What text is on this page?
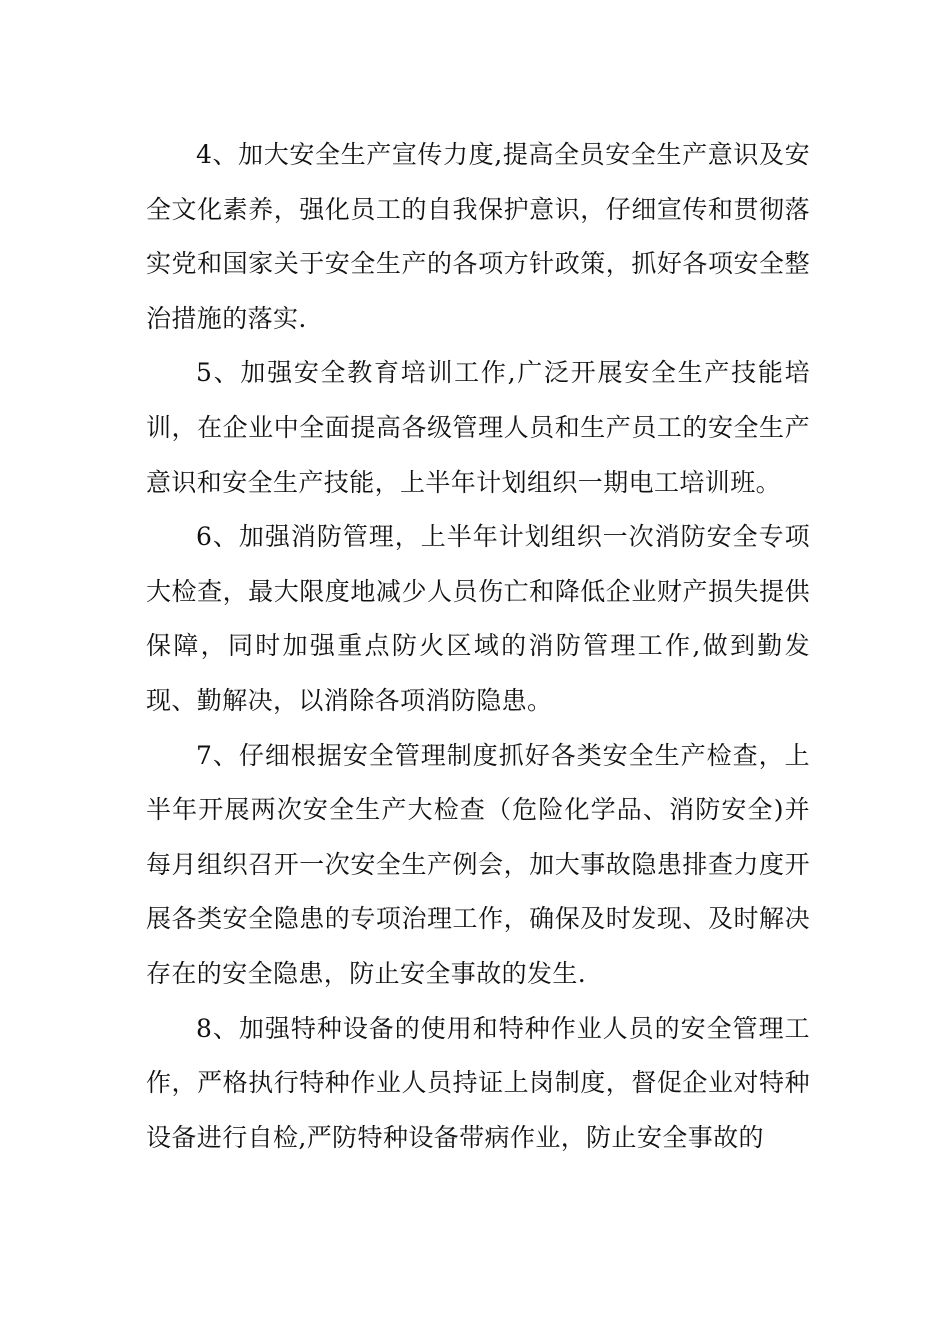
4、加大安全生产宣传力度,提高全员安全生产意识及安全文化素养，强化员工的自我保护意识，仔细宣传和贯彻落实党和国家关于安全生产的各项方针政策，抓好各项安全整治措施的落实.

5、加强安全教育培训工作,广泛开展安全生产技能培训，在企业中全面提高各级管理人员和生产员工的安全生产意识和安全生产技能，上半年计划组织一期电工培训班。

6、加强消防管理，上半年计划组织一次消防安全专项大检查，最大限度地减少人员伤亡和降低企业财产损失提供保障，同时加强重点防火区域的消防管理工作,做到勤发现、勤解决，以消除各项消防隐患。

7、仔细根据安全管理制度抓好各类安全生产检查，上半年开展两次安全生产大检查（危险化学品、消防安全)并每月组织召开一次安全生产例会，加大事故隐患排查力度开展各类安全隐患的专项治理工作，确保及时发现、及时解决存在的安全隐患，防止安全事故的发生.

8、加强特种设备的使用和特种作业人员的安全管理工作，严格执行特种作业人员持证上岗制度，督促企业对特种设备进行自检,严防特种设备带病作业，防止安全事故的
